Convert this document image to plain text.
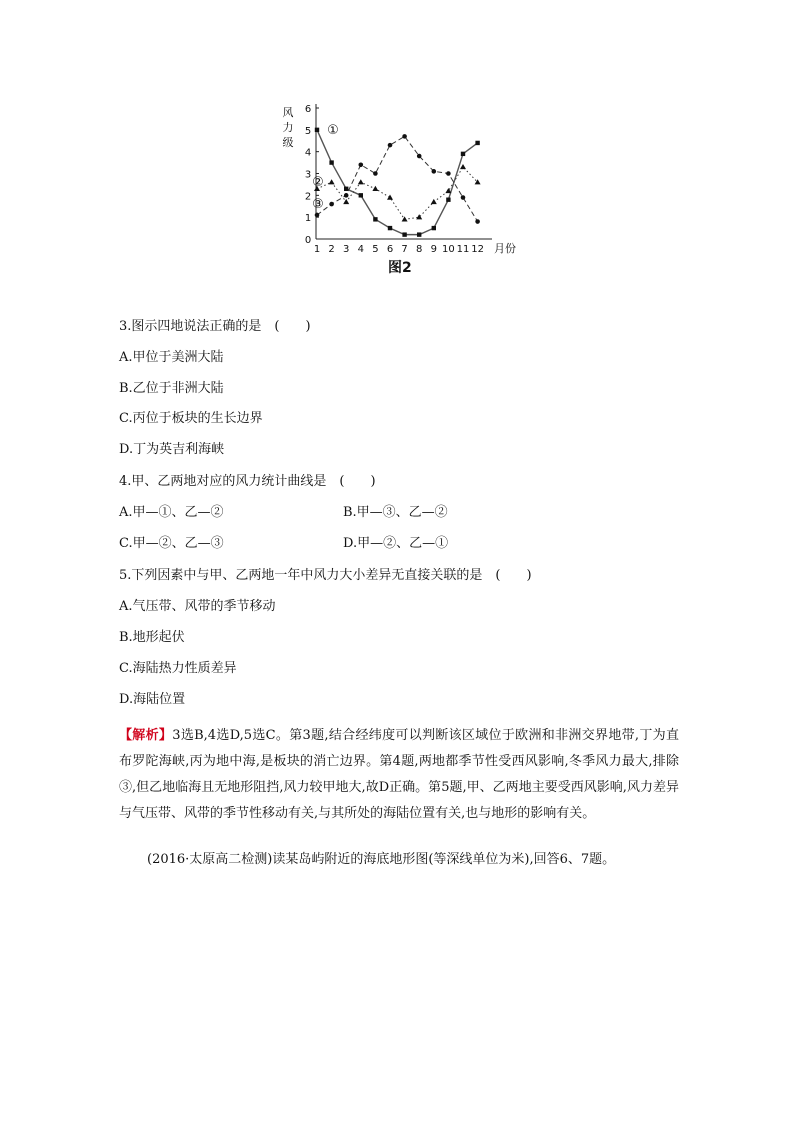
0
1
2
3
4
5
6
1 2 3 4 5 6 7 8 9 10 11 12 月份
风
力
级
①
②
③
图2
3.图示四地说法正确的是　(　　)
A.甲位于美洲大陆
B.乙位于非洲大陆
C.丙位于板块的生长边界
D.丁为英吉利海峡
4.甲、乙两地对应的风力统计曲线是　(　　)
A.甲—①、乙—②	B.甲—③、乙—②
C.甲—②、乙—③	D.甲—②、乙—①
5.下列因素中与甲、乙两地一年中风力大小差异无直接关联的是　(　　)
A.气压带、风带的季节移动
B.地形起伏
C.海陆热力性质差异
D.海陆位置
【解析】3选B,4选D,5选C。第3题,结合经纬度可以判断该区域位于欧洲和非洲交界地带,丁为直布罗陀海峡,丙为地中海,是板块的消亡边界。第4题,两地都季节性受西风影响,冬季风力最大,排除③,但乙地临海且无地形阻挡,风力较甲地大,故D正确。第5题,甲、乙两地主要受西风影响,风力差异与气压带、风带的季节性移动有关,与其所处的海陆位置有关,也与地形的影响有关。
(2016·太原高二检测)读某岛屿附近的海底地形图(等深线单位为米),回答6、7题。
